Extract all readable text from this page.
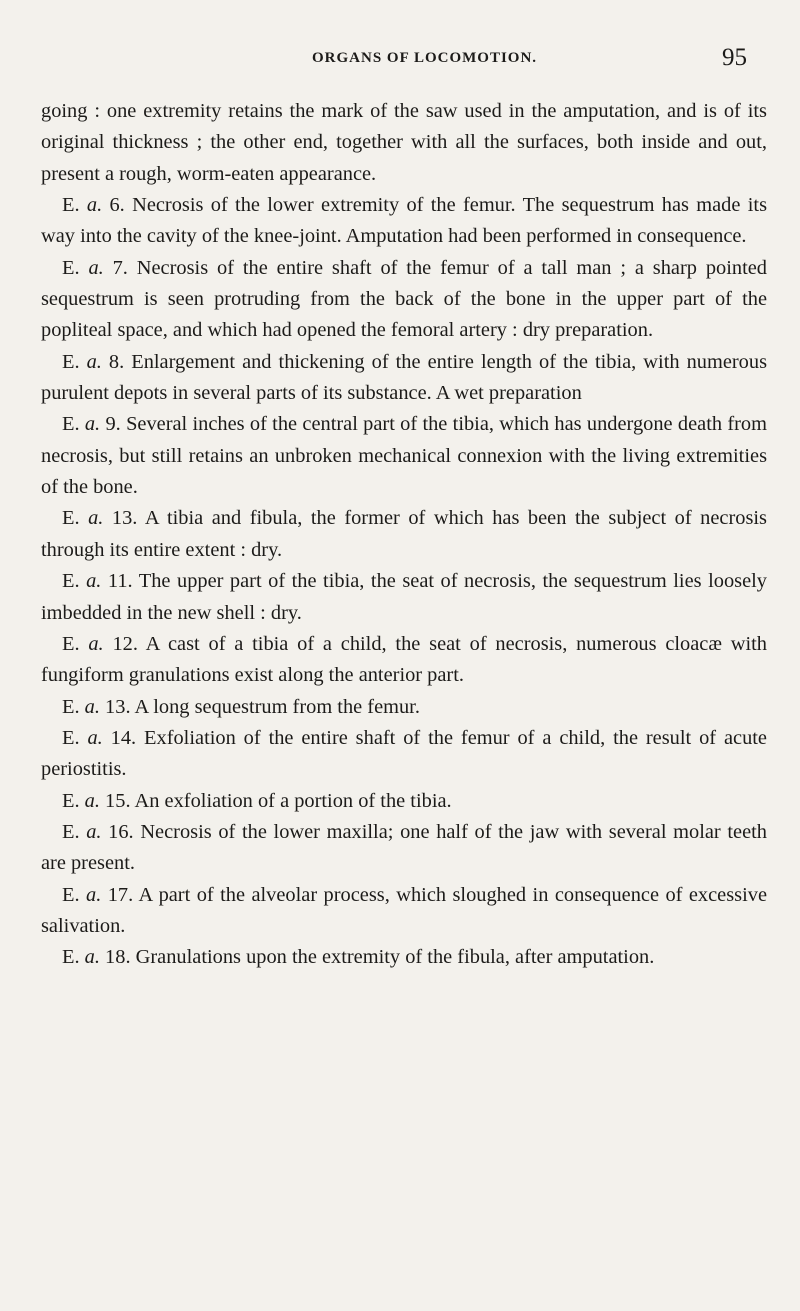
ORGANS OF LOCOMOTION.	95

going : one extremity retains the mark of the saw used in the amputation, and is of its original thickness ; the other end, together with all the surfaces, both inside and out, present a rough, worm-eaten appearance.

E. a. 6. Necrosis of the lower extremity of the femur. The sequestrum has made its way into the cavity of the knee-joint. Amputation had been performed in consequence.

E. a. 7. Necrosis of the entire shaft of the femur of a tall man ; a sharp pointed sequestrum is seen protruding from the back of the bone in the upper part of the popliteal space, and which had opened the femoral artery : dry preparation.

E. a. 8. Enlargement and thickening of the entire length of the tibia, with numerous purulent depots in several parts of its substance. A wet preparation

E. a. 9. Several inches of the central part of the tibia, which has undergone death from necrosis, but still retains an unbroken mechanical connexion with the living extremities of the bone.

E. a. 13. A tibia and fibula, the former of which has been the subject of necrosis through its entire extent : dry.

E. a. 11. The upper part of the tibia, the seat of necrosis, the sequestrum lies loosely imbedded in the new shell : dry.

E. a. 12. A cast of a tibia of a child, the seat of necrosis, numerous cloacæ with fungiform granulations exist along the anterior part.

E. a. 13. A long sequestrum from the femur.

E. a. 14. Exfoliation of the entire shaft of the femur of a child, the result of acute periostitis.

E. a. 15. An exfoliation of a portion of the tibia.

E. a. 16. Necrosis of the lower maxilla; one half of the jaw with several molar teeth are present.

E. a. 17. A part of the alveolar process, which sloughed in consequence of excessive salivation.

E. a. 18. Granulations upon the extremity of the fibula, after amputation.
